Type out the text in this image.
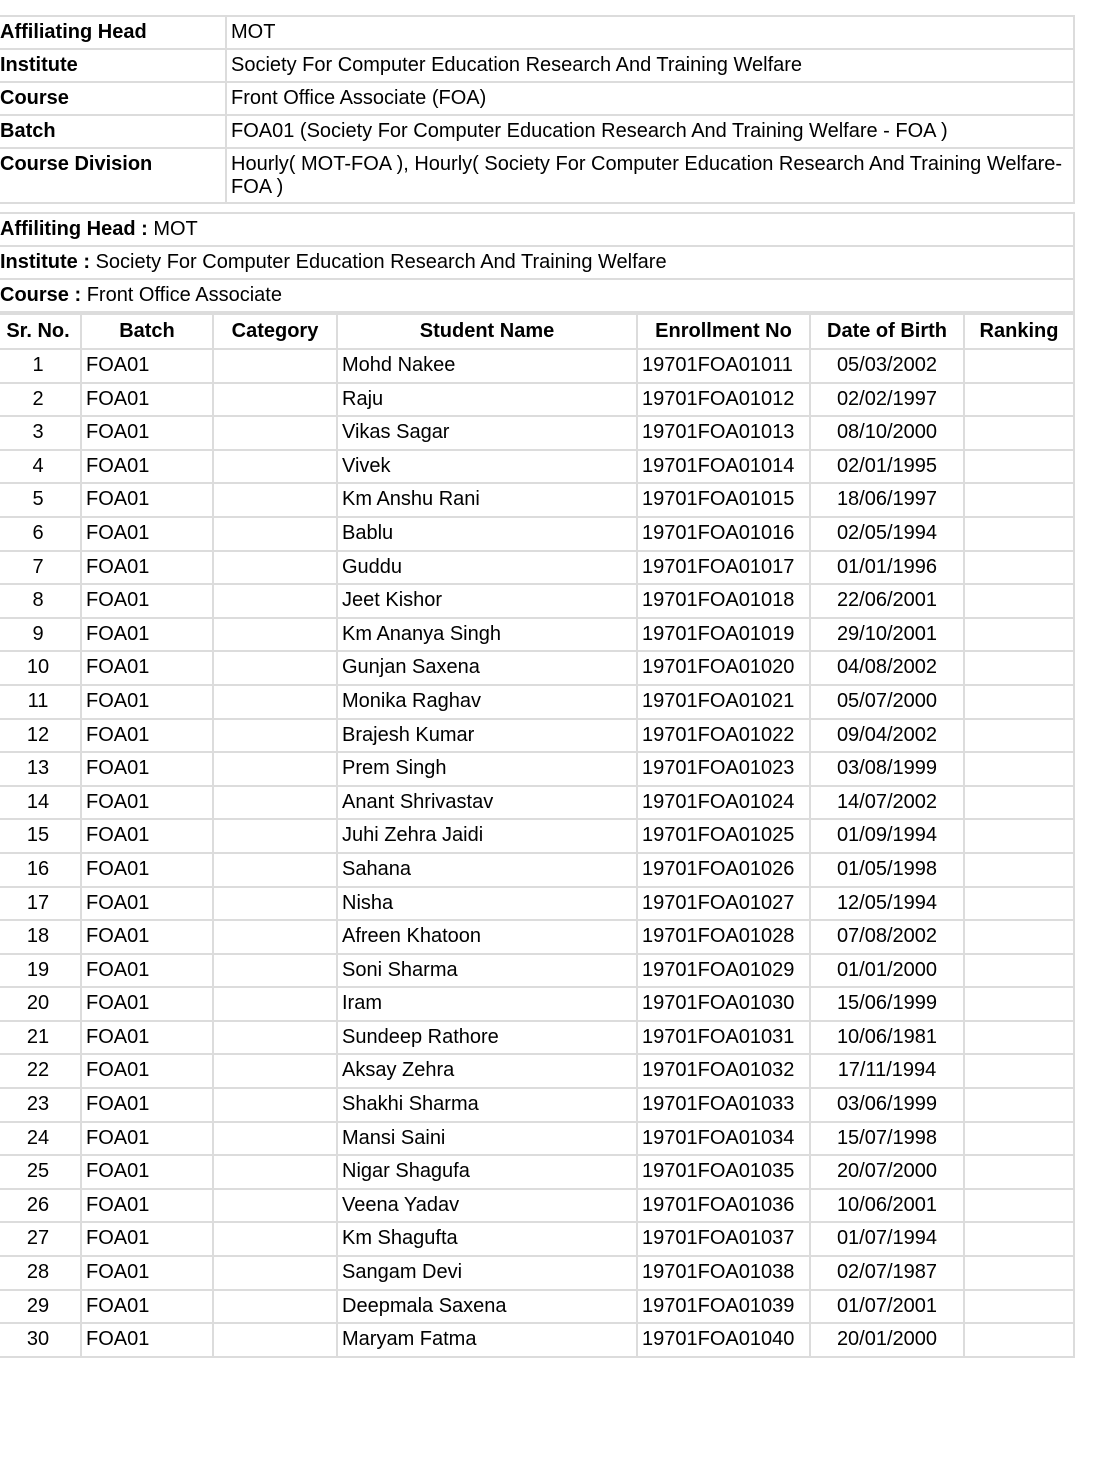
Affiliating Head	MOT
Institute	Society For Computer Education Research And Training Welfare
Course	Front Office Associate (FOA)
Batch	FOA01 (Society For Computer Education Research And Training Welfare - FOA )
Course Division	Hourly( MOT-FOA ), Hourly( Society For Computer Education Research And Training Welfare-FOA )
Affiliting Head : MOT
Institute : Society For Computer Education Research And Training Welfare
Course : Front Office Associate
Sr. No.	Batch	Category	Student Name	Enrollment No	Date of Birth	Ranking
1	FOA01		Mohd Nakee	19701FOA01011	05/03/2002	
2	FOA01		Raju	19701FOA01012	02/02/1997	
3	FOA01		Vikas Sagar	19701FOA01013	08/10/2000	
4	FOA01		Vivek	19701FOA01014	02/01/1995	
5	FOA01		Km Anshu Rani	19701FOA01015	18/06/1997	
6	FOA01		Bablu	19701FOA01016	02/05/1994	
7	FOA01		Guddu	19701FOA01017	01/01/1996	
8	FOA01		Jeet Kishor	19701FOA01018	22/06/2001	
9	FOA01		Km Ananya Singh	19701FOA01019	29/10/2001	
10	FOA01		Gunjan Saxena	19701FOA01020	04/08/2002	
11	FOA01		Monika Raghav	19701FOA01021	05/07/2000	
12	FOA01		Brajesh Kumar	19701FOA01022	09/04/2002	
13	FOA01		Prem Singh	19701FOA01023	03/08/1999	
14	FOA01		Anant Shrivastav	19701FOA01024	14/07/2002	
15	FOA01		Juhi Zehra Jaidi	19701FOA01025	01/09/1994	
16	FOA01		Sahana	19701FOA01026	01/05/1998	
17	FOA01		Nisha	19701FOA01027	12/05/1994	
18	FOA01		Afreen Khatoon	19701FOA01028	07/08/2002	
19	FOA01		Soni Sharma	19701FOA01029	01/01/2000	
20	FOA01		Iram	19701FOA01030	15/06/1999	
21	FOA01		Sundeep Rathore	19701FOA01031	10/06/1981	
22	FOA01		Aksay Zehra	19701FOA01032	17/11/1994	
23	FOA01		Shakhi Sharma	19701FOA01033	03/06/1999	
24	FOA01		Mansi Saini	19701FOA01034	15/07/1998	
25	FOA01		Nigar Shagufa	19701FOA01035	20/07/2000	
26	FOA01		Veena Yadav	19701FOA01036	10/06/2001	
27	FOA01		Km Shagufta	19701FOA01037	01/07/1994	
28	FOA01		Sangam Devi	19701FOA01038	02/07/1987	
29	FOA01		Deepmala Saxena	19701FOA01039	01/07/2001	
30	FOA01		Maryam Fatma	19701FOA01040	20/01/2000	
